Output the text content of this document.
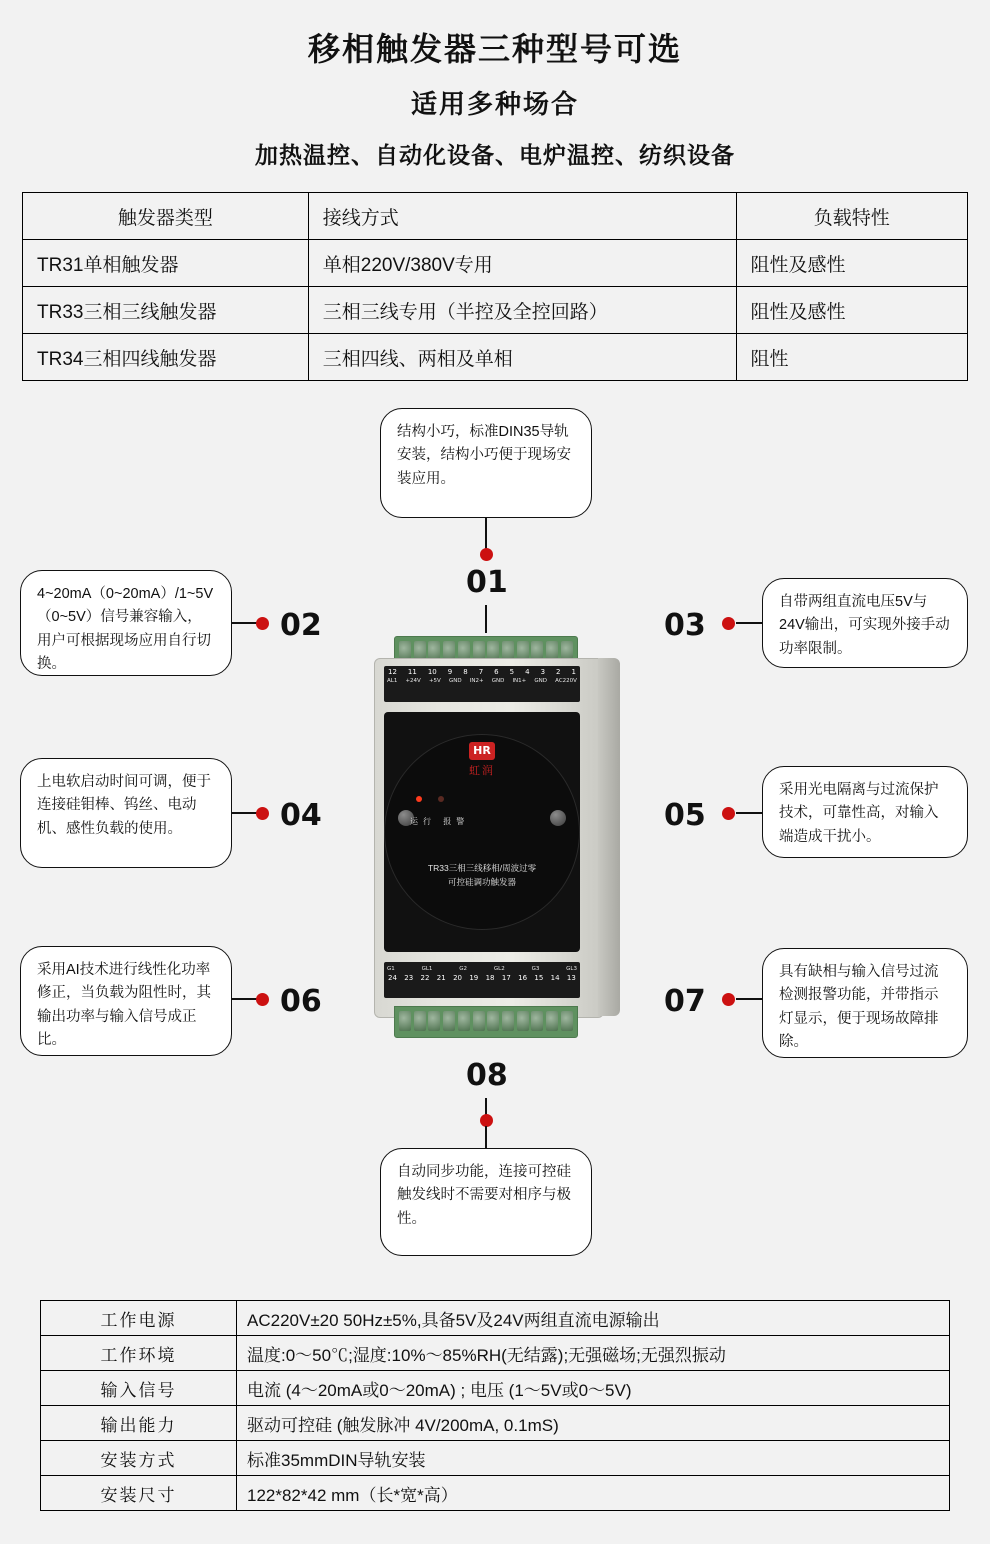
移相触发器三种型号可选
适用多种场合
加热温控、自动化设备、电炉温控、纺织设备
触发器类型	接线方式	负载特性
TR31单相触发器	单相220V/380V专用	阻性及感性
TR33三相三线触发器	三相三线专用（半控及全控回路）	阻性及感性
TR34三相四线触发器	三相四线、两相及单相	阻性
12 11 10 9 8 7 6 5 4 3 2 1
AL1 +24V +5V GND IN2+ GND IN1+ GND AC220V
HR
虹润
运行 报警
TR33三相三线移相/周波过零
可控硅调功触发器
G1	GL1	G2	GL2	G3	GL3
24 23 22 21 20 19 18 17 16 15 14 13
结构小巧，标准DIN35导轨安装，结构小巧便于现场安装应用。
01
4~20mA（0~20mA）/1~5V（0~5V）信号兼容输入，用户可根据现场应用自行切换。
02
自带两组直流电压5V与24V输出，可实现外接手动功率限制。
03
上电软启动时间可调，便于连接硅钼棒、钨丝、电动机、感性负载的使用。	04
采用光电隔离与过流保护技术，可靠性高，对输入端造成干扰小。
05
采用AI技术进行线性化功率修正，当负载为阻性时，其输出功率与输入信号成正比。
06
具有缺相与输入信号过流检测报警功能，并带指示灯显示，便于现场故障排除。
07
08
自动同步功能，连接可控硅触发线时不需要对相序与极性。
工作电源	AC220V±20 50Hz±5%,具备5V及24V两组直流电源输出
工作环境	温度:0～50℃;湿度:10%～85%RH(无结露);无强磁场;无强烈振动
输入信号	电流 (4～20mA或0～20mA) ; 电压 (1～5V或0～5V)
输出能力	驱动可控硅 (触发脉冲 4V/200mA, 0.1mS)
安装方式	标准35mmDIN导轨安装
安装尺寸	122*82*42 mm（长*宽*高）
